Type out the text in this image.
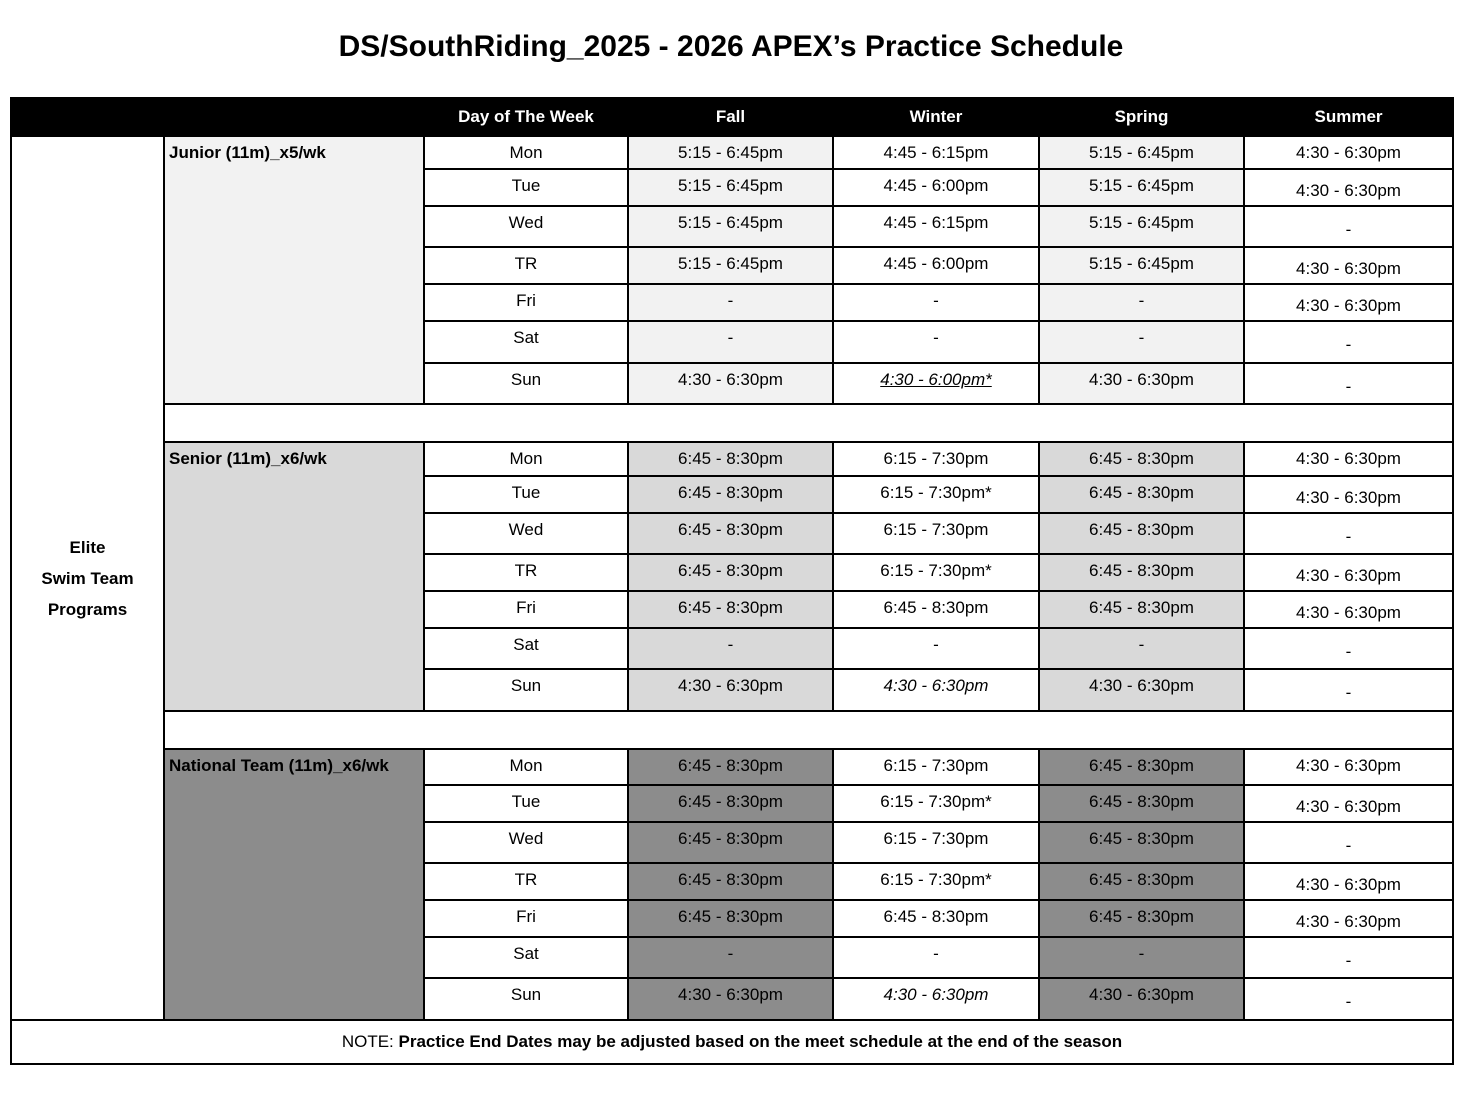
DS/SouthRiding_2025 - 2026 APEX’s Practice Schedule
		Day of The Week	Fall	Winter	Spring	Summer

Elite
Swim Team
Programs	Junior (11m)_x5/wk	Mon	5:15 - 6:45pm	4:45 - 6:15pm	5:15 - 6:45pm	4:30 - 6:30pm
		Tue	5:15 - 6:45pm	4:45 - 6:00pm	5:15 - 6:45pm	4:30 - 6:30pm
		Wed	5:15 - 6:45pm	4:45 - 6:15pm	5:15 - 6:45pm	-
		TR	5:15 - 6:45pm	4:45 - 6:00pm	5:15 - 6:45pm	4:30 - 6:30pm
		Fri	-	-	-	4:30 - 6:30pm
		Sat	-	-	-	-
		Sun	4:30 - 6:30pm	4:30 - 6:00pm*	4:30 - 6:30pm	-

	Senior (11m)_x6/wk	Mon	6:45 - 8:30pm	6:15 - 7:30pm	6:45 - 8:30pm	4:30 - 6:30pm
		Tue	6:45 - 8:30pm	6:15 - 7:30pm*	6:45 - 8:30pm	4:30 - 6:30pm
		Wed	6:45 - 8:30pm	6:15 - 7:30pm	6:45 - 8:30pm	-
		TR	6:45 - 8:30pm	6:15 - 7:30pm*	6:45 - 8:30pm	4:30 - 6:30pm
		Fri	6:45 - 8:30pm	6:45 - 8:30pm	6:45 - 8:30pm	4:30 - 6:30pm
		Sat	-	-	-	-
		Sun	4:30 - 6:30pm	4:30 - 6:30pm	4:30 - 6:30pm	-

	National Team (11m)_x6/wk	Mon	6:45 - 8:30pm	6:15 - 7:30pm	6:45 - 8:30pm	4:30 - 6:30pm
		Tue	6:45 - 8:30pm	6:15 - 7:30pm*	6:45 - 8:30pm	4:30 - 6:30pm
		Wed	6:45 - 8:30pm	6:15 - 7:30pm	6:45 - 8:30pm	-
		TR	6:45 - 8:30pm	6:15 - 7:30pm*	6:45 - 8:30pm	4:30 - 6:30pm
		Fri	6:45 - 8:30pm	6:45 - 8:30pm	6:45 - 8:30pm	4:30 - 6:30pm
		Sat	-	-	-	-
		Sun	4:30 - 6:30pm	4:30 - 6:30pm	4:30 - 6:30pm	-
NOTE: Practice End Dates may be adjusted based on the meet schedule at the end of the season						
